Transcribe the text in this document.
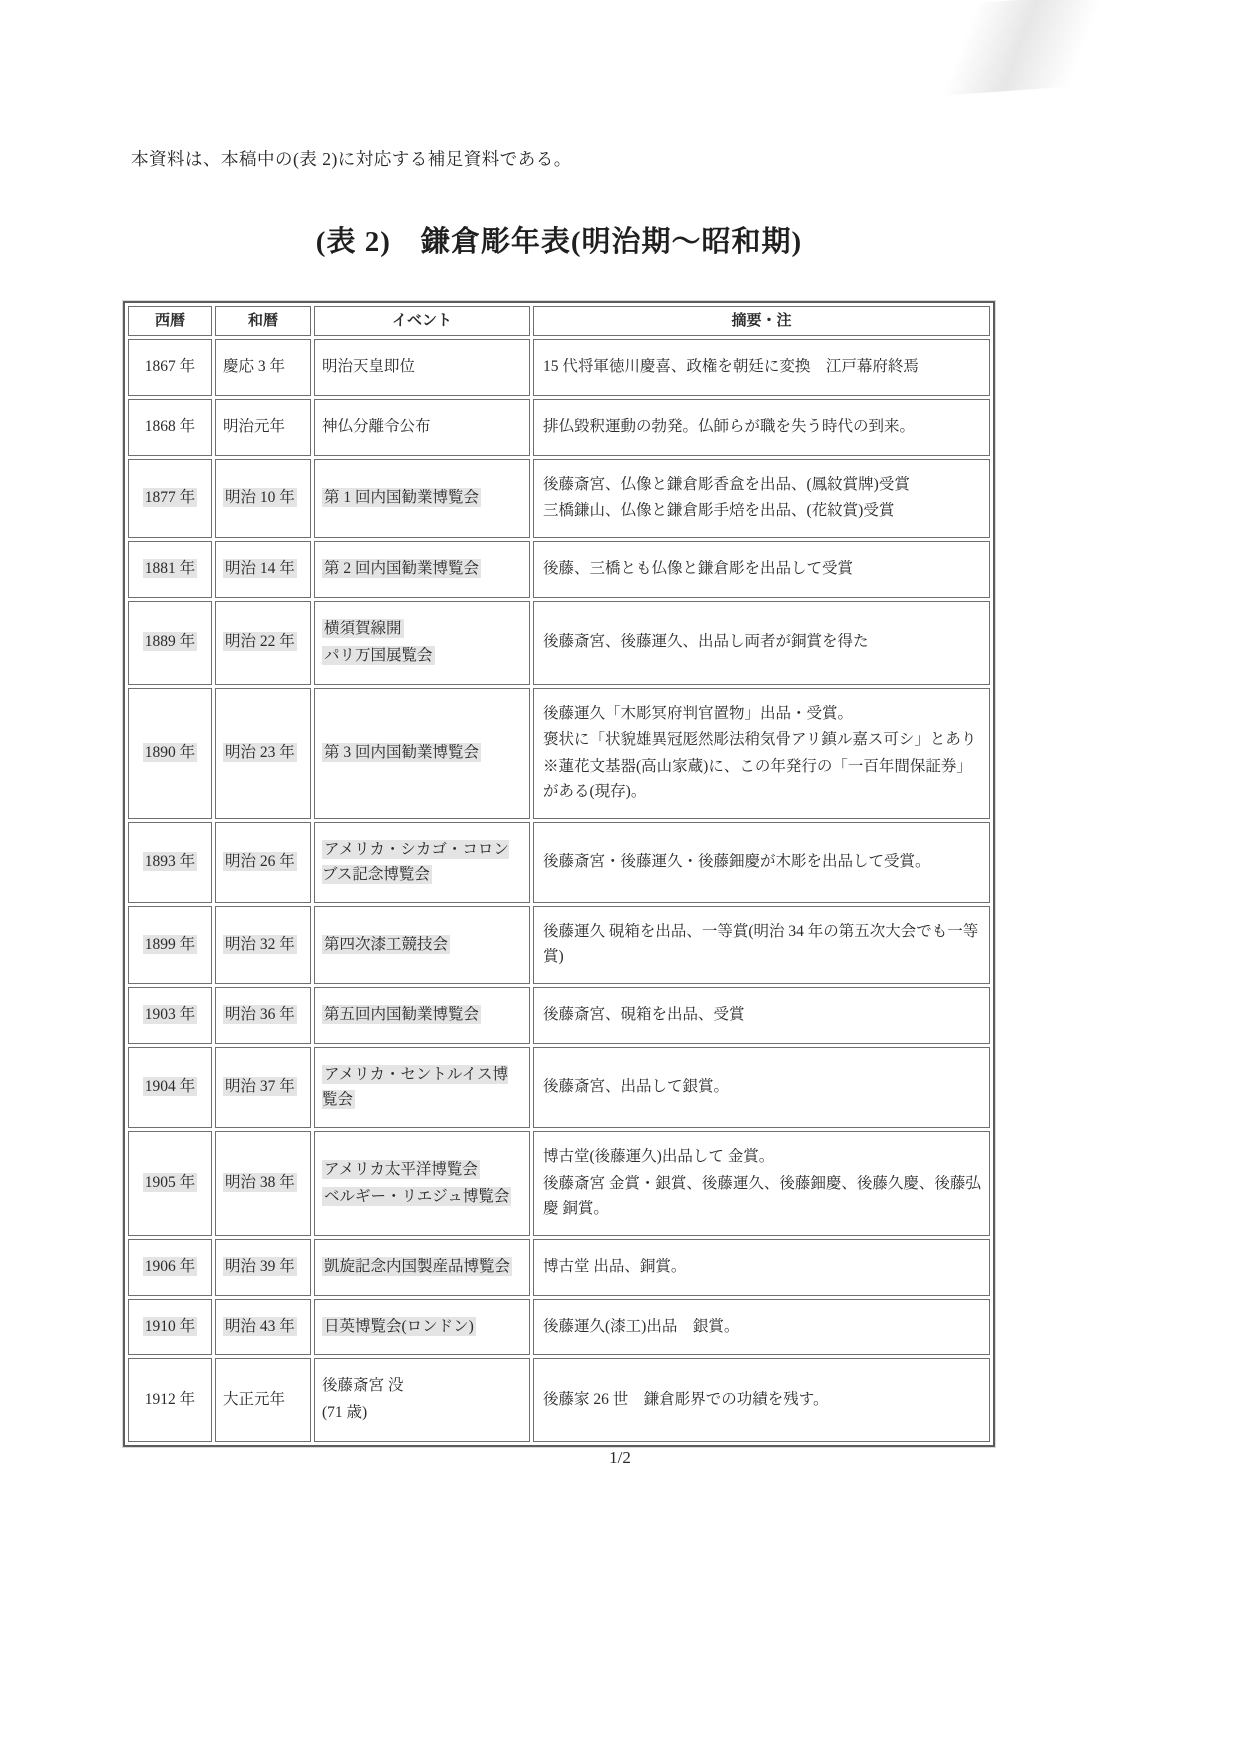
本資料は、本稿中の(表 2)に対応する補足資料である。

(表 2)　鎌倉彫年表(明治期～昭和期)
西暦	和暦	イベント	摘要・注
1867 年	慶応 3 年	明治天皇即位	15 代将軍徳川慶喜、政権を朝廷に変換　江戸幕府終焉

1868 年	明治元年	神仏分離令公布	排仏毀釈運動の勃発。仏師らが職を失う時代の到来。

1877 年	明治 10 年	第 1 回内国勧業博覧会	後藤斎宮、仏像と鎌倉彫香盒を出品、(鳳紋賞牌)受賞
三橋鎌山、仏像と鎌倉彫手焙を出品、(花紋賞)受賞

1881 年	明治 14 年	第 2 回内国勧業博覧会	後藤、三橋とも仏像と鎌倉彫を出品して受賞

1889 年	明治 22 年	横須賀線開
パリ万国展覧会	後藤斎宮、後藤運久、出品し両者が銅賞を得た

1890 年	明治 23 年	第 3 回内国勧業博覧会	後藤運久「木彫冥府判官置物」出品・受賞。
褒状に「状貌雄異冠厖然彫法稍気骨アリ鎮ル嘉ス可シ」とあり
※蓮花文基器(高山家蔵)に、この年発行の「一百年間保証券」がある(現存)。

1893 年	明治 26 年	アメリカ・シカゴ・コロンブス記念博覧会	後藤斎宮・後藤運久・後藤鈿慶が木彫を出品して受賞。

1899 年	明治 32 年	第四次漆工競技会	後藤運久 硯箱を出品、一等賞(明治 34 年の第五次大会でも一等賞)

1903 年	明治 36 年	第五回内国勧業博覧会	後藤斎宮、硯箱を出品、受賞

1904 年	明治 37 年	アメリカ・セントルイス博覧会	後藤斎宮、出品して銀賞。

1905 年	明治 38 年	アメリカ太平洋博覧会
ベルギー・リエジュ博覧会	博古堂(後藤運久)出品して 金賞。
後藤斎宮 金賞・銀賞、後藤運久、後藤鈿慶、後藤久慶、後藤弘慶 銅賞。

1906 年	明治 39 年	凱旋記念内国製産品博覧会	博古堂 出品、銅賞。

1910 年	明治 43 年	日英博覧会(ロンドン)	後藤運久(漆工)出品　銀賞。

1912 年	大正元年	後藤斎宮 没
(71 歳)	後藤家 26 世　鎌倉彫界での功績を残す。
1/2
